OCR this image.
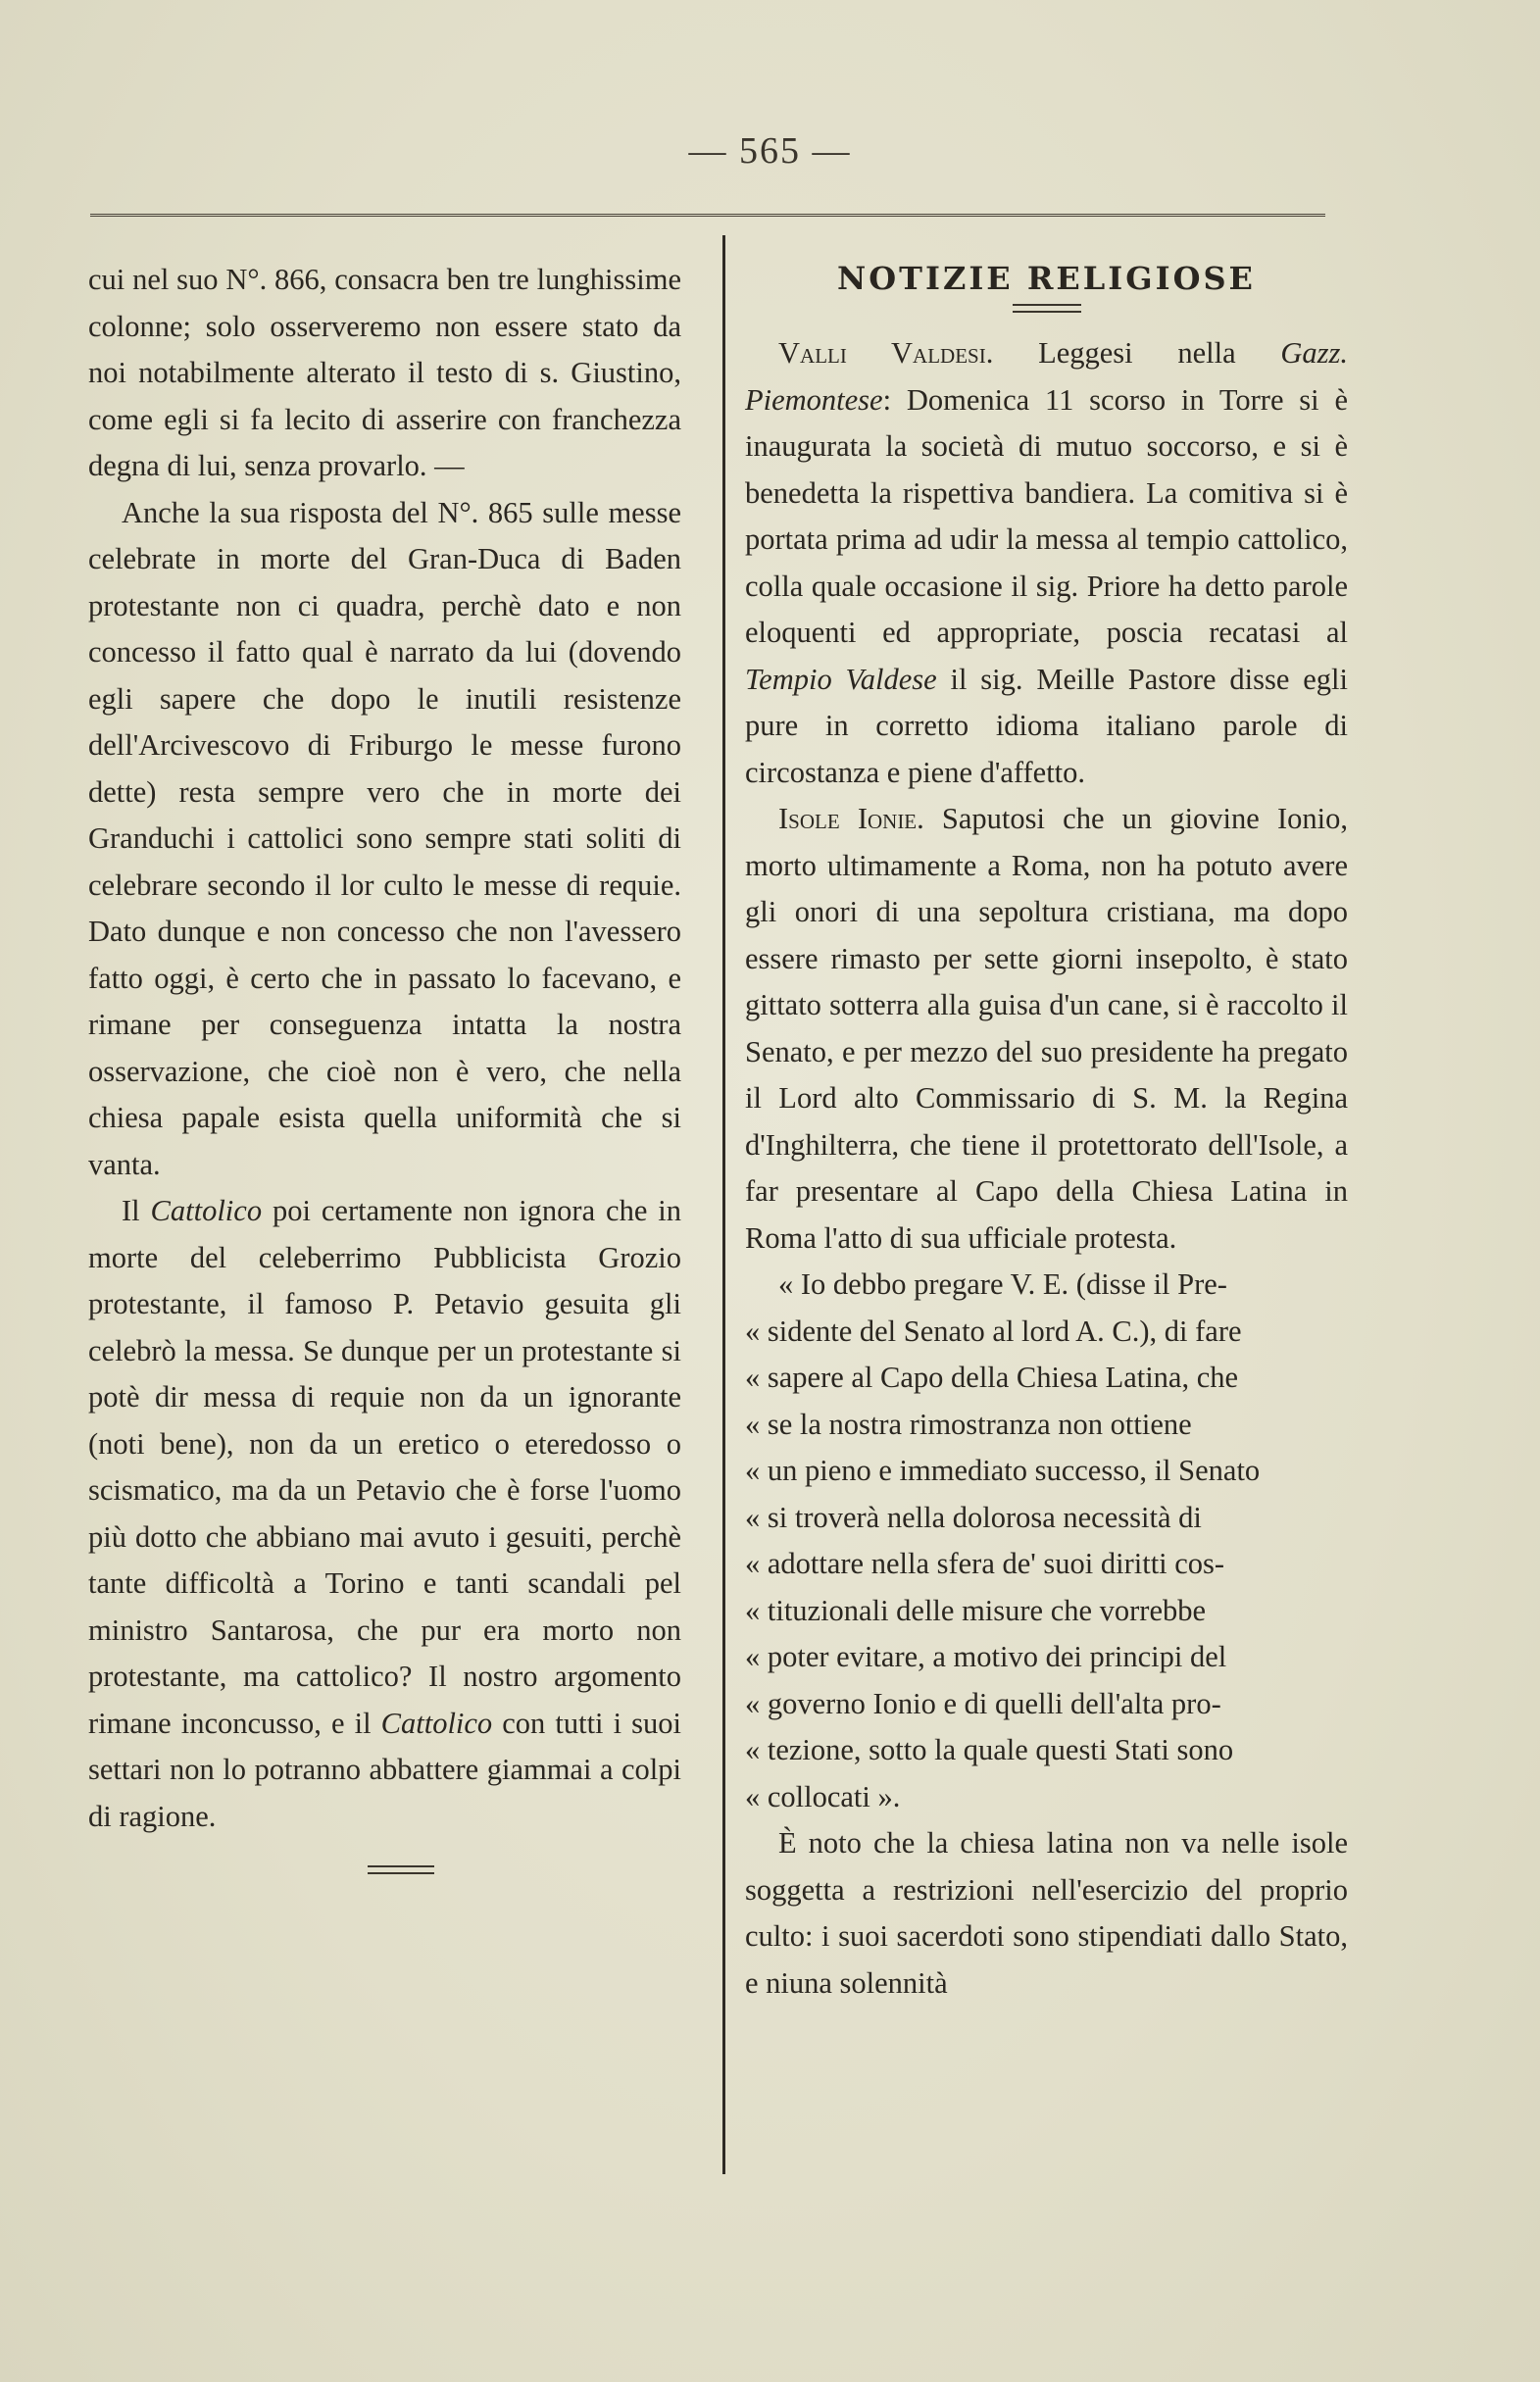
— 565 —

cui nel suo N°. 866, consacra ben tre lunghissime colonne; solo osserveremo non essere stato da noi notabilmente alterato il testo di s. Giustino, come egli si fa lecito di asserire con franchezza degna di lui, senza provarlo. —

Anche la sua risposta del N°. 865 sulle messe celebrate in morte del Gran-Duca di Baden protestante non ci quadra, perchè dato e non concesso il fatto qual è narrato da lui (dovendo egli sapere che dopo le inutili resistenze dell'Arcivescovo di Friburgo le messe furono dette) resta sempre vero che in morte dei Granduchi i cattolici sono sempre stati soliti di celebrare secondo il lor culto le messe di requie. Dato dunque e non concesso che non l'avessero fatto oggi, è certo che in passato lo facevano, e rimane per conseguenza intatta la nostra osservazione, che cioè non è vero, che nella chiesa papale esista quella uniformità che si vanta.

Il Cattolico poi certamente non ignora che in morte del celeberrimo Pubblicista Grozio protestante, il famoso P. Petavio gesuita gli celebrò la messa. Se dunque per un protestante si potè dir messa di requie non da un ignorante (noti bene), non da un eretico o eteredosso o scismatico, ma da un Petavio che è forse l'uomo più dotto che abbiano mai avuto i gesuiti, perchè tante difficoltà a Torino e tanti scandali pel ministro Santarosa, che pur era morto non protestante, ma cattolico? Il nostro argomento rimane inconcusso, e il Cattolico con tutti i suoi settari non lo potranno abbattere giammai a colpi di ragione.

NOTIZIE RELIGIOSE

Valli Valdesi. Leggesi nella Gazz. Piemontese: Domenica 11 scorso in Torre si è inaugurata la società di mutuo soccorso, e si è benedetta la rispettiva bandiera. La comitiva si è portata prima ad udir la messa al tempio cattolico, colla quale occasione il sig. Priore ha detto parole eloquenti ed appropriate, poscia recatasi al Tempio Valdese il sig. Meille Pastore disse egli pure in corretto idioma italiano parole di circostanza e piene d'affetto.

Isole Ionie. Saputosi che un giovine Ionio, morto ultimamente a Roma, non ha potuto avere gli onori di una sepoltura cristiana, ma dopo essere rimasto per sette giorni insepolto, è stato gittato sotterra alla guisa d'un cane, si è raccolto il Senato, e per mezzo del suo presidente ha pregato il Lord alto Commissario di S. M. la Regina d'Inghilterra, che tiene il protettorato dell'Isole, a far presentare al Capo della Chiesa Latina in Roma l'atto di sua ufficiale protesta.

« Io debbo pregare V. E. (disse il Pre-

« sidente del Senato al lord A. C.), di fare

« sapere al Capo della Chiesa Latina, che

« se la nostra rimostranza non ottiene

« un pieno e immediato successo, il Senato

« si troverà nella dolorosa necessità di

« adottare nella sfera de' suoi diritti cos-

« tituzionali delle misure che vorrebbe

« poter evitare, a motivo dei principi del

« governo Ionio e di quelli dell'alta pro-

« tezione, sotto la quale questi Stati sono

« collocati ».

È noto che la chiesa latina non va nelle isole soggetta a restrizioni nell'esercizio del proprio culto: i suoi sacerdoti sono stipendiati dallo Stato, e niuna solennità
